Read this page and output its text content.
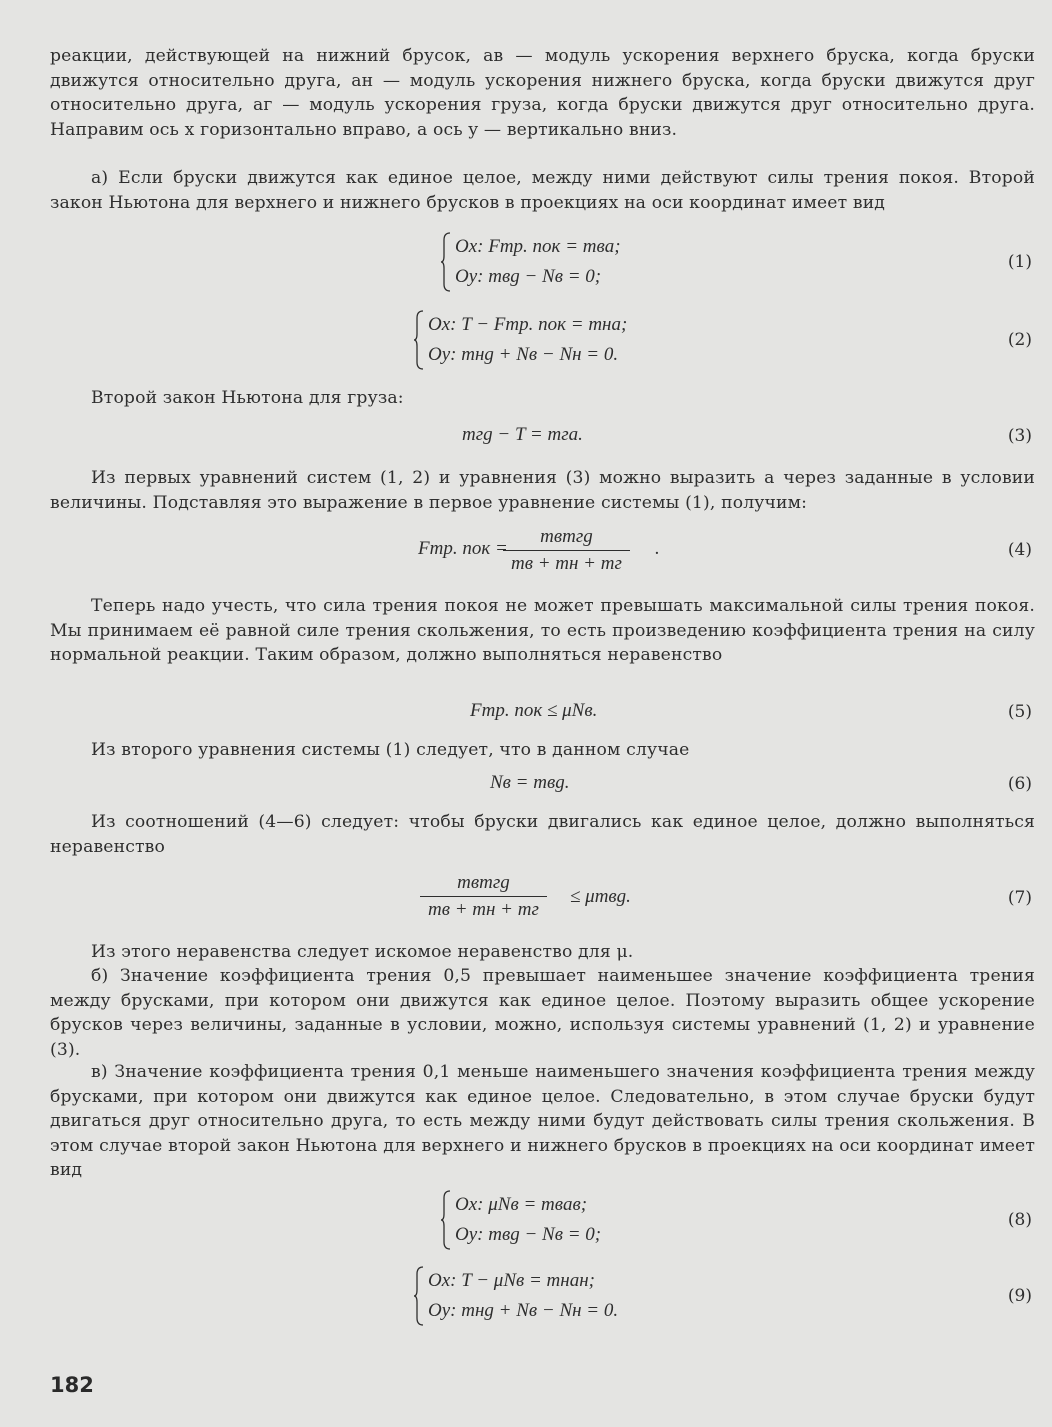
реакции, действующей на нижний брусок, aв — модуль ускорения верхнего бруска, когда бруски движутся относительно друга, aн — модуль ускорения нижнего бруска, когда бруски движутся друг относительно друга, aг — модуль ускорения груза, когда бруски движутся друг относительно друга. Направим ось x горизонтально вправо, а ось y — вертикально вниз.

а) Если бруски движутся как единое целое, между ними действуют силы трения покоя. Второй закон Ньютона для верхнего и нижнего брусков в проекциях на оси координат имеет вид

Ox: Fтр. пок = mвa;
Oy: mвg − Nв = 0;
(1)
Ox: T − Fтр. пок = mнa;
Oy: mнg + Nв − Nн = 0.
(2)

Второй закон Ньютона для груза:

mгg − T = mгa.	(3)

Из первых уравнений систем (1, 2) и уравнения (3) можно выразить a через заданные в условии величины. Подставляя это выражение в первое уравнение системы (1), получим:

Fтр. пок =
mвmгg
mв + mн + mг
.	(4)

Теперь надо учесть, что сила трения покоя не может превышать максимальной силы трения покоя. Мы принимаем её равной силе трения скольжения, то есть произведению коэффициента трения на силу нормальной реакции. Таким образом, должно выполняться неравенство

Fтр. пок ≤ μNв.	(5)

Из второго уравнения системы (1) следует, что в данном случае

Nв = mвg.	(6)

Из соотношений (4—6) следует: чтобы бруски двигались как единое целое, должно выполняться неравенство

mвmгg
mв + mн + mг
≤ μmвg.	(7)

Из этого неравенства следует искомое неравенство для μ.

б) Значение коэффициента трения 0,5 превышает наименьшее значение коэффициента трения между брусками, при котором они движутся как единое целое. Поэтому выразить общее ускорение брусков через величины, заданные в условии, можно, используя системы уравнений (1, 2) и уравнение (3).

в) Значение коэффициента трения 0,1 меньше наименьшего значения коэффициента трения между брусками, при котором они движутся как единое целое. Следовательно, в этом случае бруски будут двигаться друг относительно друга, то есть между ними будут действовать силы трения скольжения. В этом случае второй закон Ньютона для верхнего и нижнего брусков в проекциях на оси координат имеет вид

Ox: μNв = mвaв;
Oy: mвg − Nв = 0;
(8)
Ox: T − μNв = mнaн;
Oy: mнg + Nв − Nн = 0.
(9)
182
